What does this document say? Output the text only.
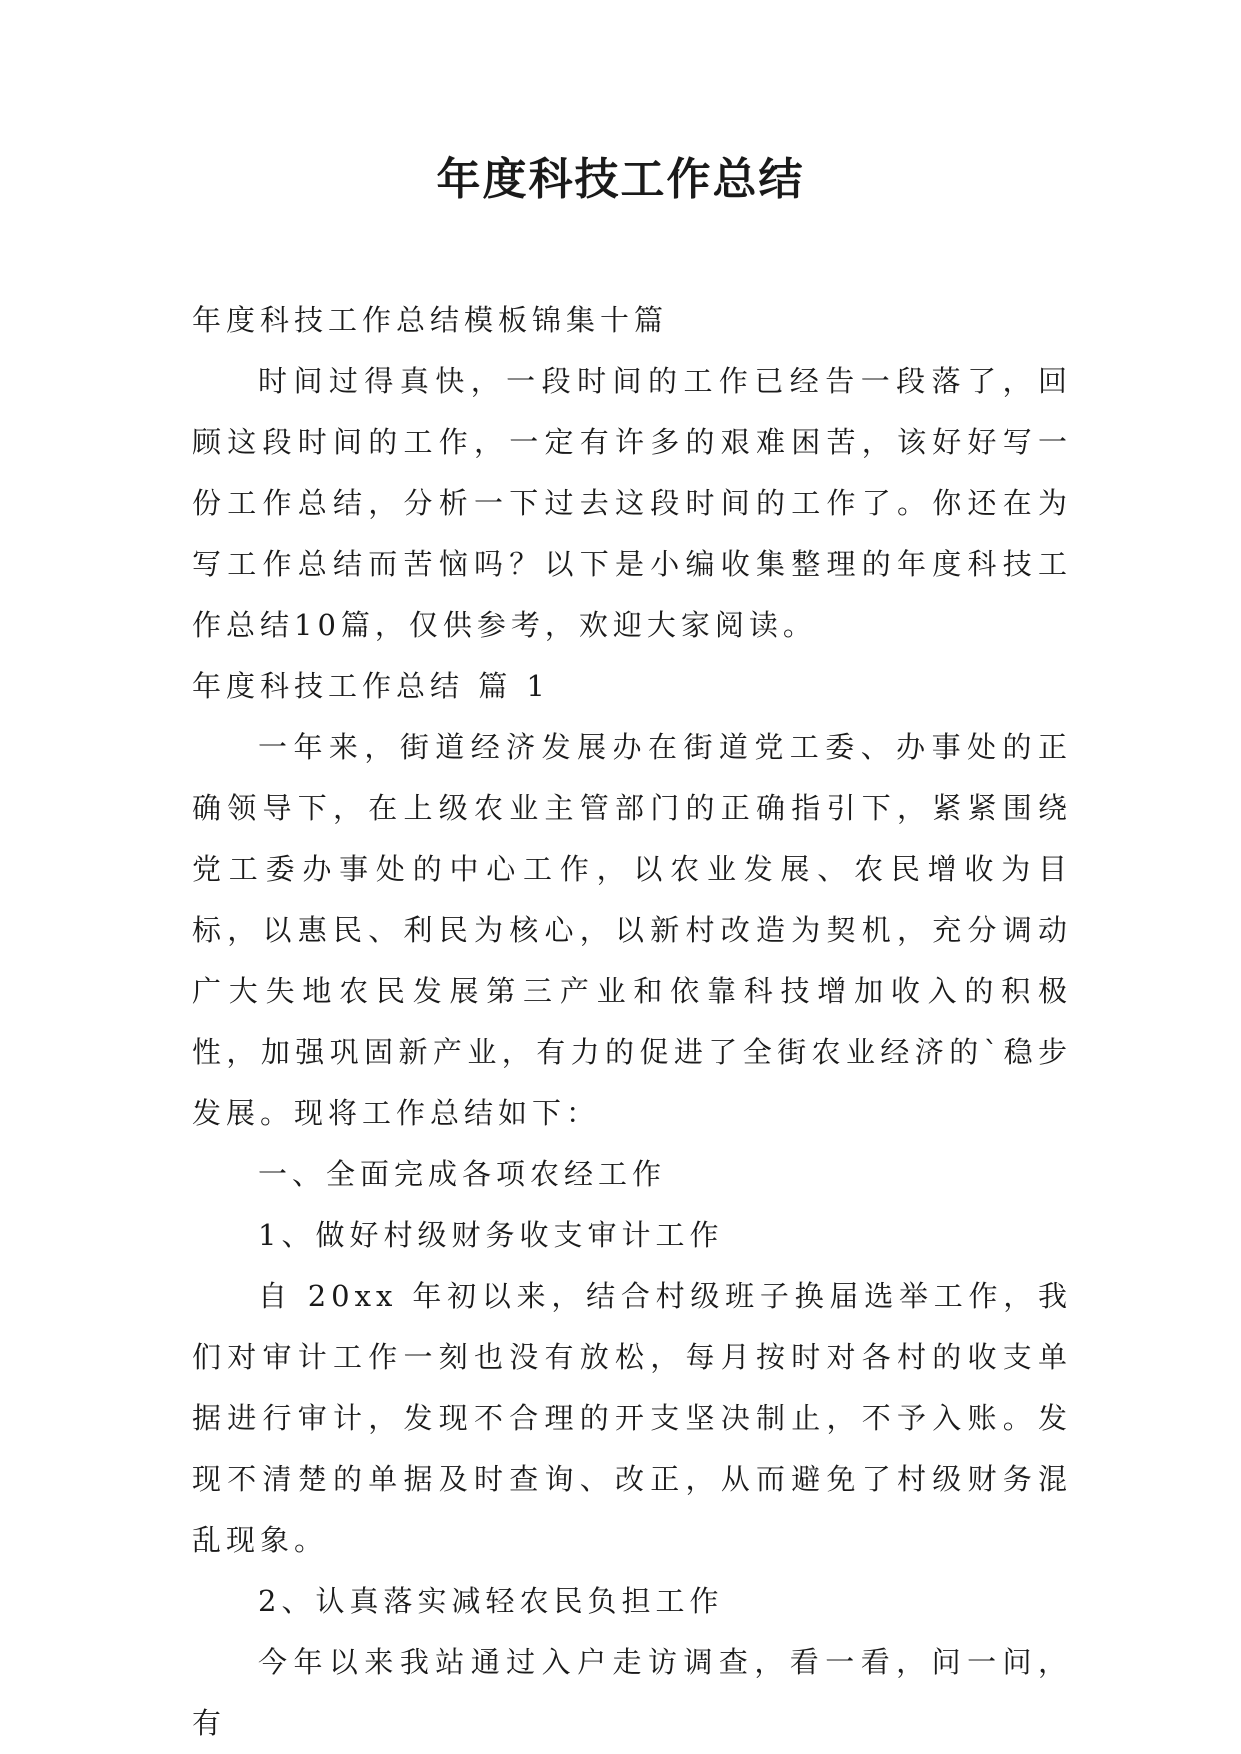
年度科技工作总结

年度科技工作总结模板锦集十篇

时间过得真快，一段时间的工作已经告一段落了，回顾这段时间的工作，一定有许多的艰难困苦，该好好写一份工作总结，分析一下过去这段时间的工作了。你还在为写工作总结而苦恼吗？以下是小编收集整理的年度科技工作总结10篇，仅供参考，欢迎大家阅读。

年度科技工作总结 篇 1

一年来，街道经济发展办在街道党工委、办事处的正确领导下，在上级农业主管部门的正确指引下，紧紧围绕党工委办事处的中心工作，以农业发展、农民增收为目标，以惠民、利民为核心，以新村改造为契机，充分调动广大失地农民发展第三产业和依靠科技增加收入的积极性，加强巩固新产业，有力的促进了全街农业经济的`稳步发展。现将工作总结如下：

一、全面完成各项农经工作

1、做好村级财务收支审计工作

自 20xx 年初以来，结合村级班子换届选举工作，我们对审计工作一刻也没有放松，每月按时对各村的收支单据进行审计，发现不合理的开支坚决制止，不予入账。发现不清楚的单据及时查询、改正，从而避免了村级财务混乱现象。

2、认真落实减轻农民负担工作

今年以来我站通过入户走访调查，看一看，问一问，有
